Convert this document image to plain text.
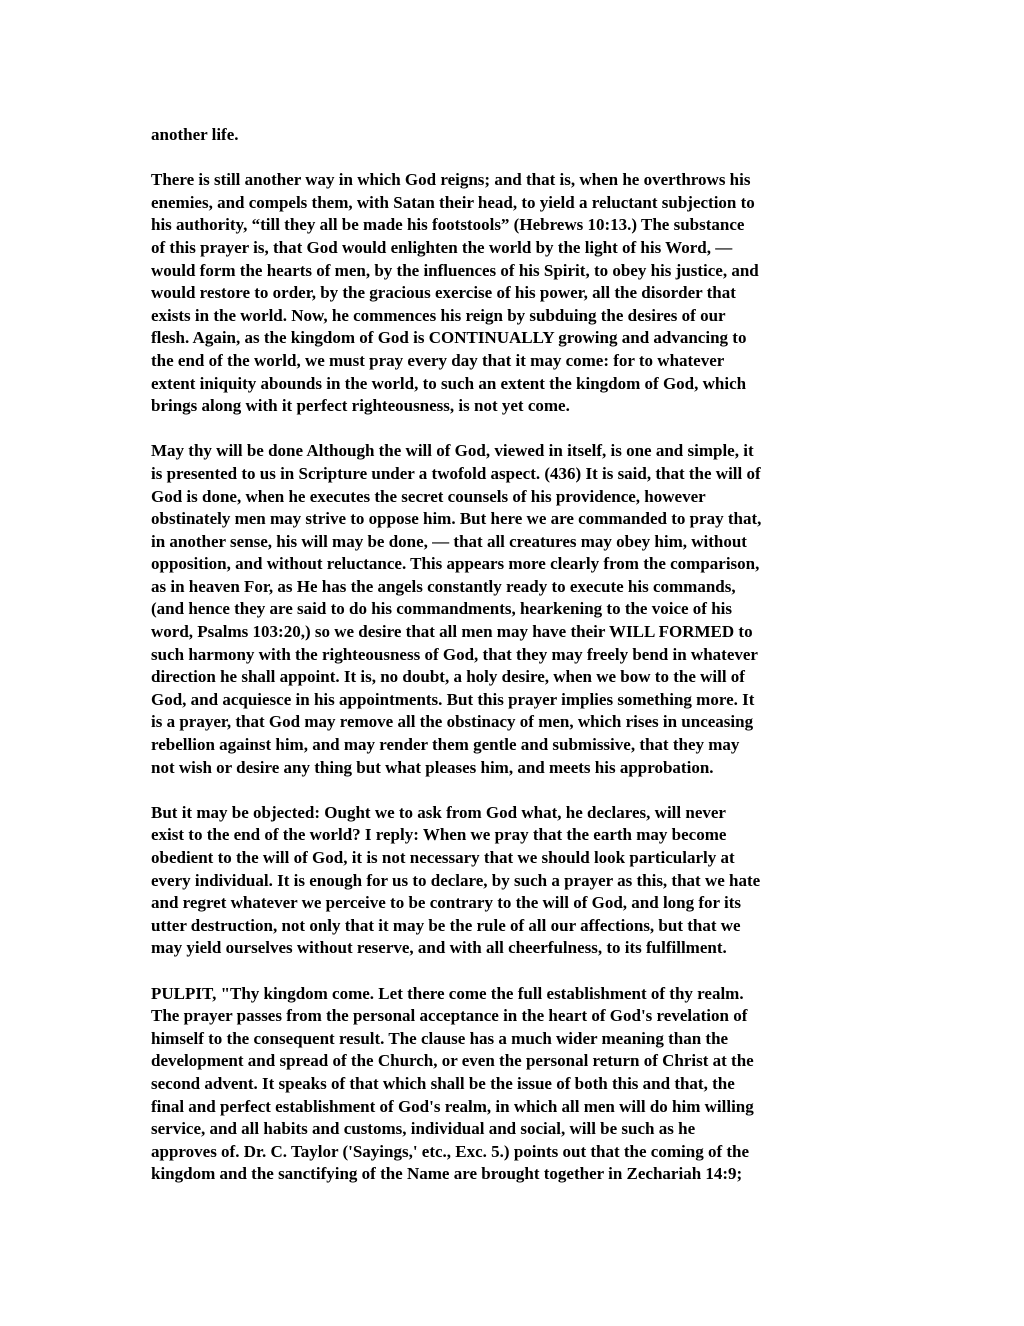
another life.

There is still another way in which God reigns; and that is, when he overthrows his
enemies, and compels them, with Satan their head, to yield a reluctant subjection to
his authority, “till they all be made his footstools” (Hebrews 10:13.) The substance
of this prayer is, that God would enlighten the world by the light of his Word, —
would form the hearts of men, by the influences of his Spirit, to obey his justice, and
would restore to order, by the gracious exercise of his power, all the disorder that
exists in the world. Now, he commences his reign by subduing the desires of our
flesh. Again, as the kingdom of God is CONTINUALLY growing and advancing to
the end of the world, we must pray every day that it may come: for to whatever
extent iniquity abounds in the world, to such an extent the kingdom of God, which
brings along with it perfect righteousness, is not yet come.

May thy will be done Although the will of God, viewed in itself, is one and simple, it
is presented to us in Scripture under a twofold aspect. (436) It is said, that the will of
God is done, when he executes the secret counsels of his providence, however
obstinately men may strive to oppose him. But here we are commanded to pray that,
in another sense, his will may be done, — that all creatures may obey him, without
opposition, and without reluctance. This appears more clearly from the comparison,
as in heaven For, as He has the angels constantly ready to execute his commands,
(and hence they are said to do his commandments, hearkening to the voice of his
word, Psalms 103:20,) so we desire that all men may have their WILL FORMED to
such harmony with the righteousness of God, that they may freely bend in whatever
direction he shall appoint. It is, no doubt, a holy desire, when we bow to the will of
God, and acquiesce in his appointments. But this prayer implies something more. It
is a prayer, that God may remove all the obstinacy of men, which rises in unceasing
rebellion against him, and may render them gentle and submissive, that they may
not wish or desire any thing but what pleases him, and meets his approbation.

But it may be objected: Ought we to ask from God what, he declares, will never
exist to the end of the world? I reply: When we pray that the earth may become
obedient to the will of God, it is not necessary that we should look particularly at
every individual. It is enough for us to declare, by such a prayer as this, that we hate
and regret whatever we perceive to be contrary to the will of God, and long for its
utter destruction, not only that it may be the rule of all our affections, but that we
may yield ourselves without reserve, and with all cheerfulness, to its fulfillment.

PULPIT, "Thy kingdom come. Let there come the full establishment of thy realm.
The prayer passes from the personal acceptance in the heart of God's revelation of
himself to the consequent result. The clause has a much wider meaning than the
development and spread of the Church, or even the personal return of Christ at the
second advent. It speaks of that which shall be the issue of both this and that, the
final and perfect establishment of God's realm, in which all men will do him willing
service, and all habits and customs, individual and social, will be such as he
approves of. Dr. C. Taylor ('Sayings,' etc., Exc. 5.) points out that the coming of the
kingdom and the sanctifying of the Name are brought together in Zechariah 14:9;
